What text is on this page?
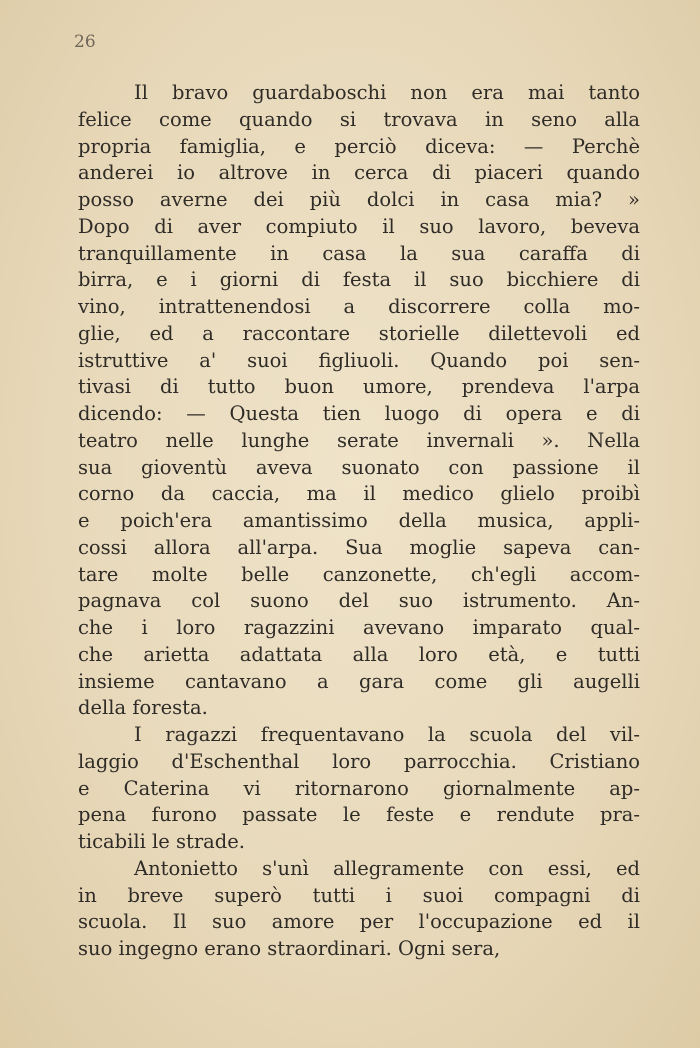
26
Il bravo guardaboschi non era mai tanto
felice come quando si trovava in seno alla
propria famiglia, e perciò diceva: — Perchè
anderei io altrove in cerca di piaceri quando
posso averne dei più dolci in casa mia? »
Dopo di aver compiuto il suo lavoro, beveva
tranquillamente in casa la sua caraffa di
birra, e i giorni di festa il suo bicchiere di
vino, intrattenendosi a discorrere colla mo-
glie, ed a raccontare storielle dilettevoli ed
istruttive a' suoi figliuoli. Quando poi sen-
tivasi di tutto buon umore, prendeva l'arpa
dicendo: — Questa tien luogo di opera e di
teatro nelle lunghe serate invernali ». Nella
sua gioventù aveva suonato con passione il
corno da caccia, ma il medico glielo proibì
e poich'era amantissimo della musica, appli-
cossi allora all'arpa. Sua moglie sapeva can-
tare molte belle canzonette, ch'egli accom-
pagnava col suono del suo istrumento. An-
che i loro ragazzini avevano imparato qual-
che arietta adattata alla loro età, e tutti
insieme cantavano a gara come gli augelli
della foresta.
I ragazzi frequentavano la scuola del vil-
laggio d'Eschenthal loro parrocchia. Cristiano
e Caterina vi ritornarono giornalmente ap-
pena furono passate le feste e rendute pra-
ticabili le strade.
Antonietto s'unì allegramente con essi, ed
in breve superò tutti i suoi compagni di
scuola. Il suo amore per l'occupazione ed il
suo ingegno erano straordinari. Ogni sera,
